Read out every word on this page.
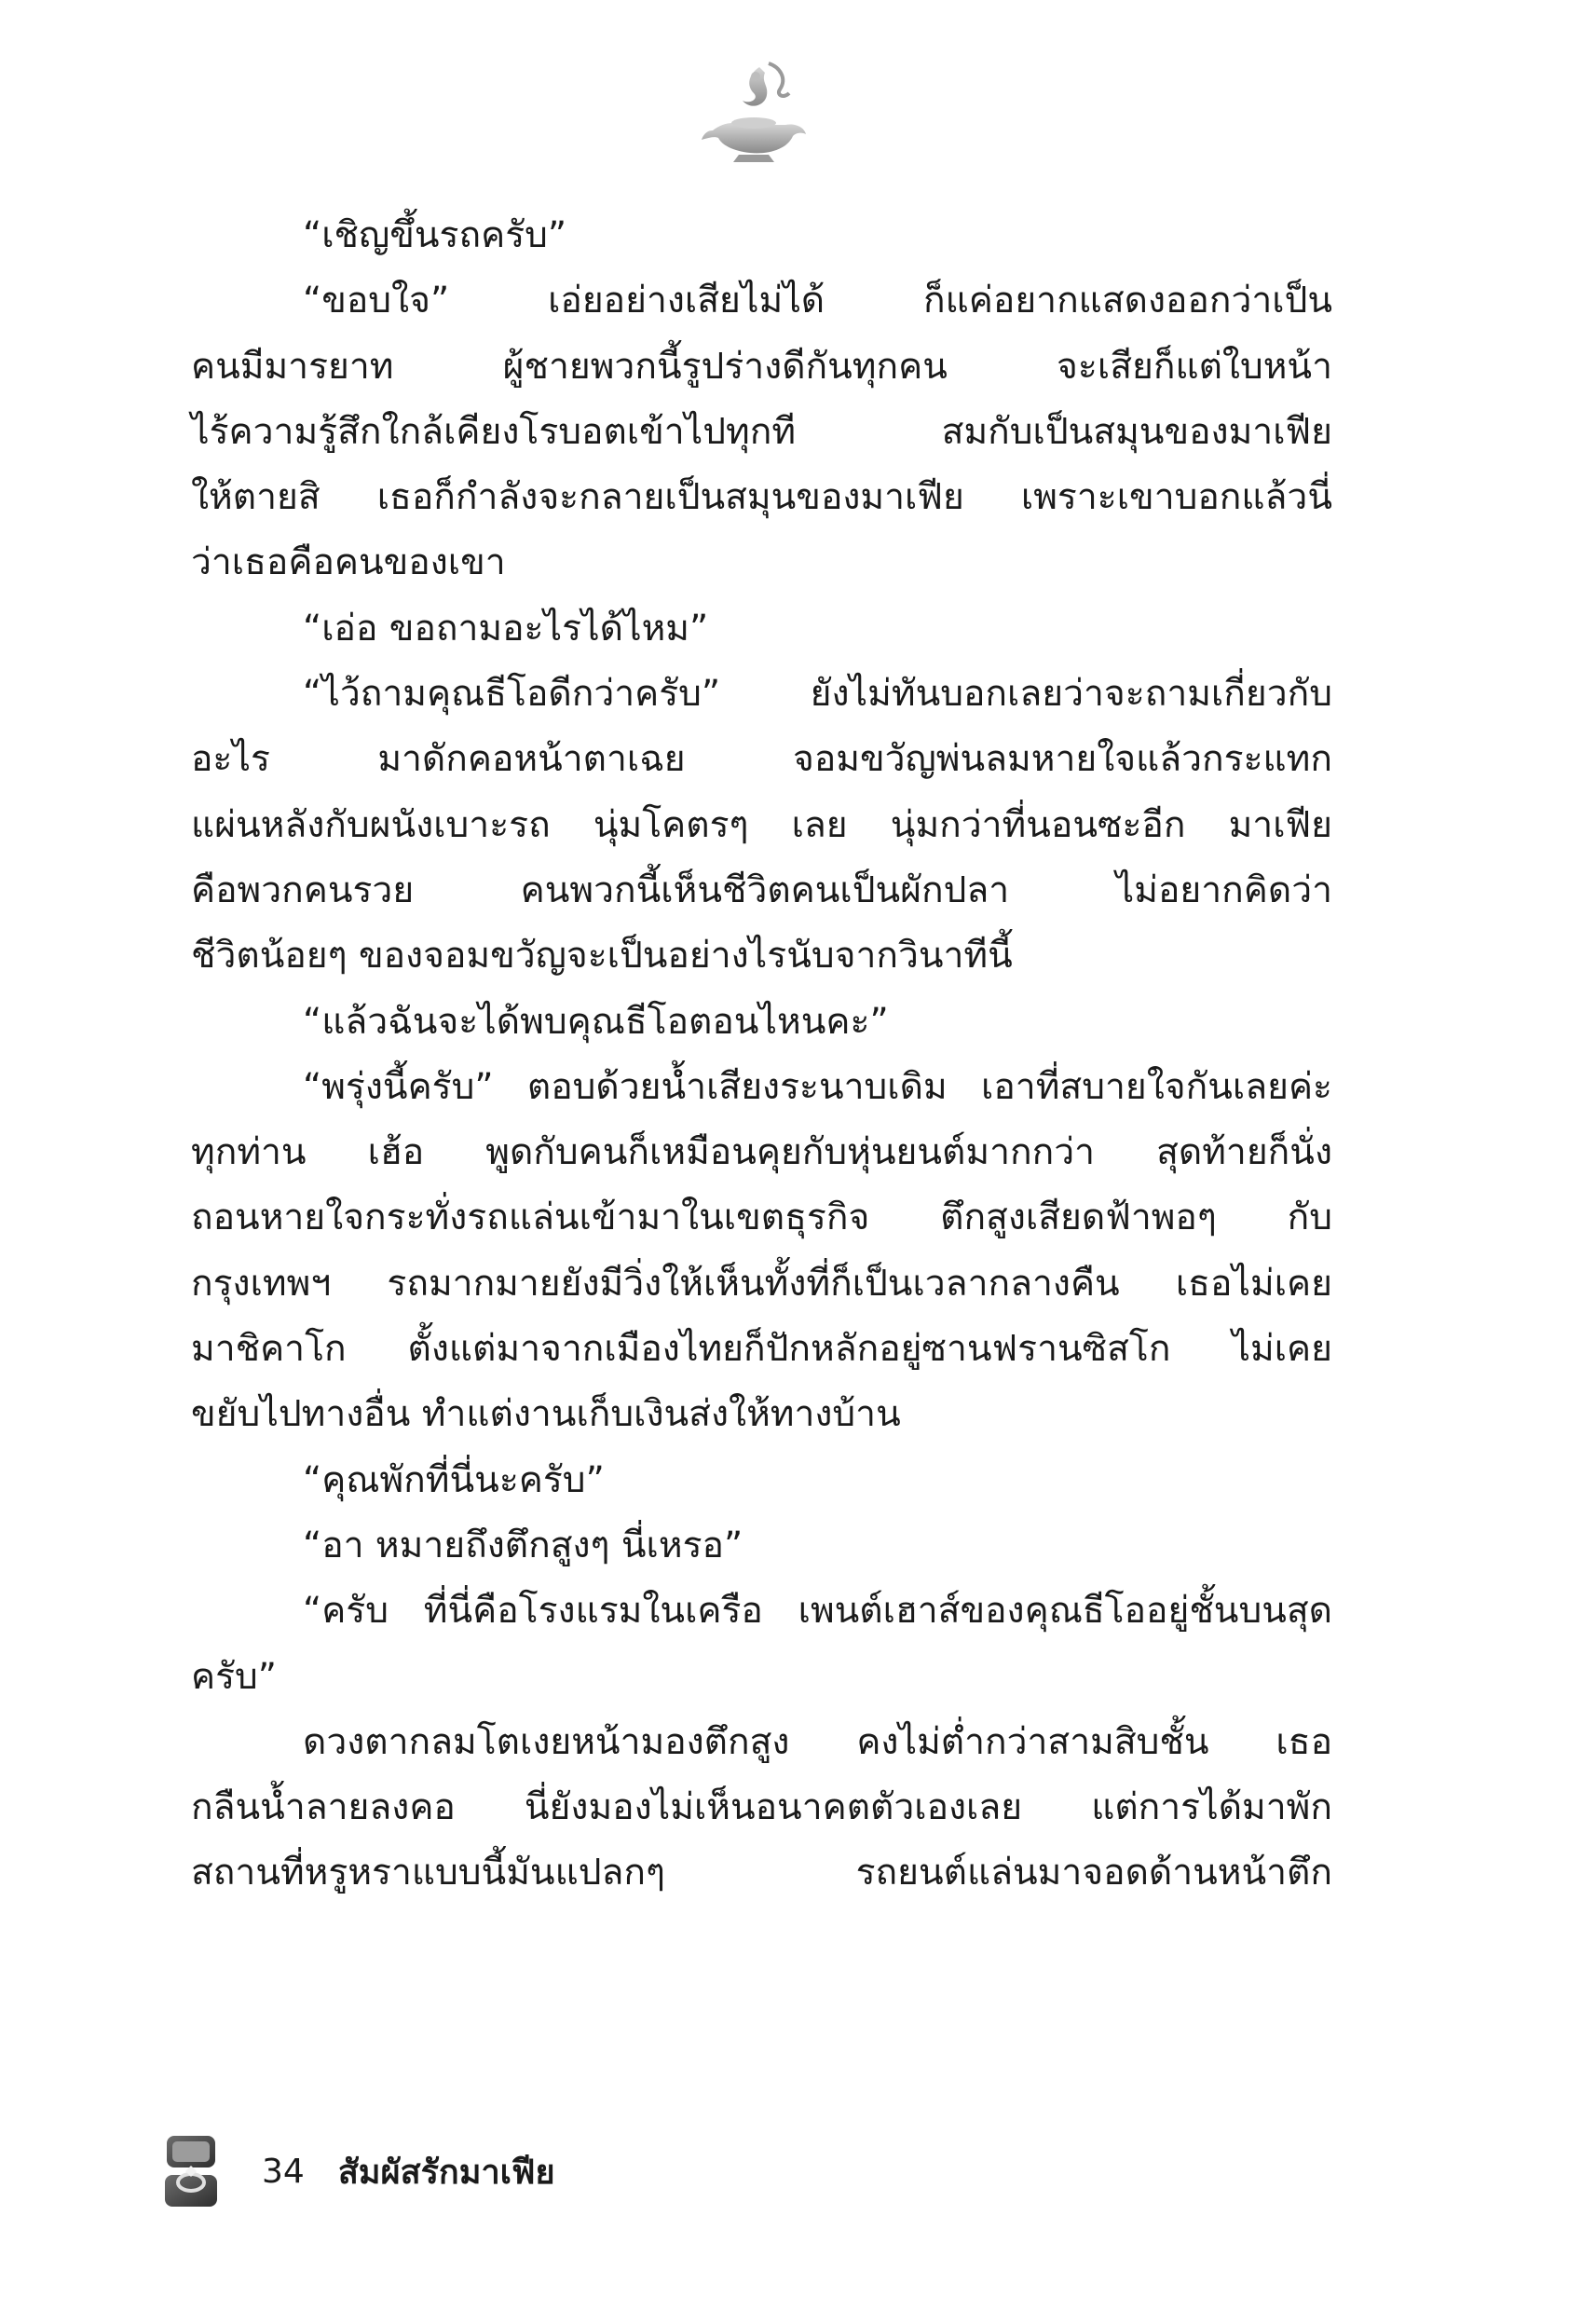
“เชิญขึ้นรถครับ”

“ขอบใจ” เอ่ยอย่างเสียไม่ได้ ก็แค่อยากแสดงออกว่าเป็น
คนมีมารยาท ผู้ชายพวกนี้รูปร่างดีกันทุกคน จะเสียก็แต่ใบหน้า
ไร้ความรู้สึกใกล้เคียงโรบอตเข้าไปทุกที สมกับเป็นสมุนของมาเฟีย
ให้ตายสิ เธอก็กำลังจะกลายเป็นสมุนของมาเฟีย เพราะเขาบอกแล้วนี่
ว่าเธอคือคนของเขา

“เอ่อ ขอถามอะไรได้ไหม”

“ไว้ถามคุณธีโอดีกว่าครับ” ยังไม่ทันบอกเลยว่าจะถามเกี่ยวกับ
อะไร มาดักคอหน้าตาเฉย จอมขวัญพ่นลมหายใจแล้วกระแทก
แผ่นหลังกับผนังเบาะรถ นุ่มโคตรๆ เลย นุ่มกว่าที่นอนซะอีก มาเฟีย
คือพวกคนรวย คนพวกนี้เห็นชีวิตคนเป็นผักปลา ไม่อยากคิดว่า
ชีวิตน้อยๆ ของจอมขวัญจะเป็นอย่างไรนับจากวินาทีนี้

“แล้วฉันจะได้พบคุณธีโอตอนไหนคะ”

“พรุ่งนี้ครับ” ตอบด้วยน้ำเสียงระนาบเดิม เอาที่สบายใจกันเลยค่ะ
ทุกท่าน เฮ้อ พูดกับคนก็เหมือนคุยกับหุ่นยนต์มากกว่า สุดท้ายก็นั่ง
ถอนหายใจกระทั่งรถแล่นเข้ามาในเขตธุรกิจ ตึกสูงเสียดฟ้าพอๆ กับ
กรุงเทพฯ รถมากมายยังมีวิ่งให้เห็นทั้งที่ก็เป็นเวลากลางคืน เธอไม่เคย
มาชิคาโก ตั้งแต่มาจากเมืองไทยก็ปักหลักอยู่ซานฟรานซิสโก ไม่เคย
ขยับไปทางอื่น ทำแต่งานเก็บเงินส่งให้ทางบ้าน

“คุณพักที่นี่นะครับ”

“อา หมายถึงตึกสูงๆ นี่เหรอ”

“ครับ ที่นี่คือโรงแรมในเครือ เพนต์เฮาส์ของคุณธีโออยู่ชั้นบนสุด
ครับ”

ดวงตากลมโตเงยหน้ามองตึกสูง คงไม่ต่ำกว่าสามสิบชั้น เธอ
กลืนน้ำลายลงคอ นี่ยังมองไม่เห็นอนาคตตัวเองเลย แต่การได้มาพัก
สถานที่หรูหราแบบนี้มันแปลกๆ รถยนต์แล่นมาจอดด้านหน้าตึก

34 สัมผัสรักมาเฟีย
